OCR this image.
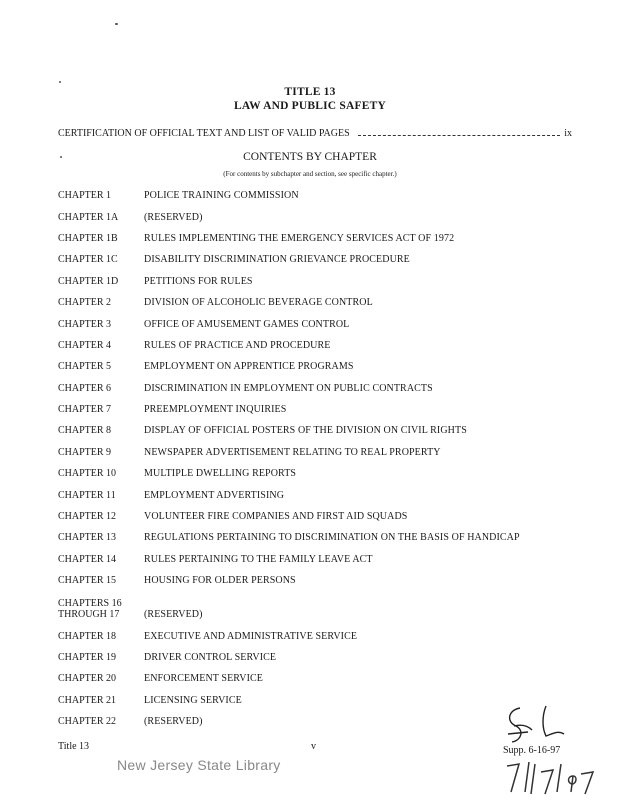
TITLE 13
LAW AND PUBLIC SAFETY
CERTIFICATION OF OFFICIAL TEXT AND LIST OF VALID PAGES	ix
CONTENTS BY CHAPTER
(For contents by subchapter and section, see specific chapter.)
CHAPTER 1	POLICE TRAINING COMMISSION
CHAPTER 1A	(RESERVED)
CHAPTER 1B	RULES IMPLEMENTING THE EMERGENCY SERVICES ACT OF 1972
CHAPTER 1C	DISABILITY DISCRIMINATION GRIEVANCE PROCEDURE
CHAPTER 1D	PETITIONS FOR RULES
CHAPTER 2	DIVISION OF ALCOHOLIC BEVERAGE CONTROL
CHAPTER 3	OFFICE OF AMUSEMENT GAMES CONTROL
CHAPTER 4	RULES OF PRACTICE AND PROCEDURE
CHAPTER 5	EMPLOYMENT ON APPRENTICE PROGRAMS
CHAPTER 6	DISCRIMINATION IN EMPLOYMENT ON PUBLIC CONTRACTS
CHAPTER 7	PREEMPLOYMENT INQUIRIES
CHAPTER 8	DISPLAY OF OFFICIAL POSTERS OF THE DIVISION ON CIVIL RIGHTS
CHAPTER 9	NEWSPAPER ADVERTISEMENT RELATING TO REAL PROPERTY
CHAPTER 10	MULTIPLE DWELLING REPORTS
CHAPTER 11	EMPLOYMENT ADVERTISING
CHAPTER 12	VOLUNTEER FIRE COMPANIES AND FIRST AID SQUADS
CHAPTER 13	REGULATIONS PERTAINING TO DISCRIMINATION ON THE BASIS OF HANDICAP
CHAPTER 14	RULES PERTAINING TO THE FAMILY LEAVE ACT
CHAPTER 15	HOUSING FOR OLDER PERSONS
CHAPTERS 16
THROUGH 17	(RESERVED)
CHAPTER 18	EXECUTIVE AND ADMINISTRATIVE SERVICE
CHAPTER 19	DRIVER CONTROL SERVICE
CHAPTER 20	ENFORCEMENT SERVICE
CHAPTER 21	LICENSING SERVICE
CHAPTER 22	(RESERVED)
Title 13	v	Supp. 6-16-97
New Jersey State Library
